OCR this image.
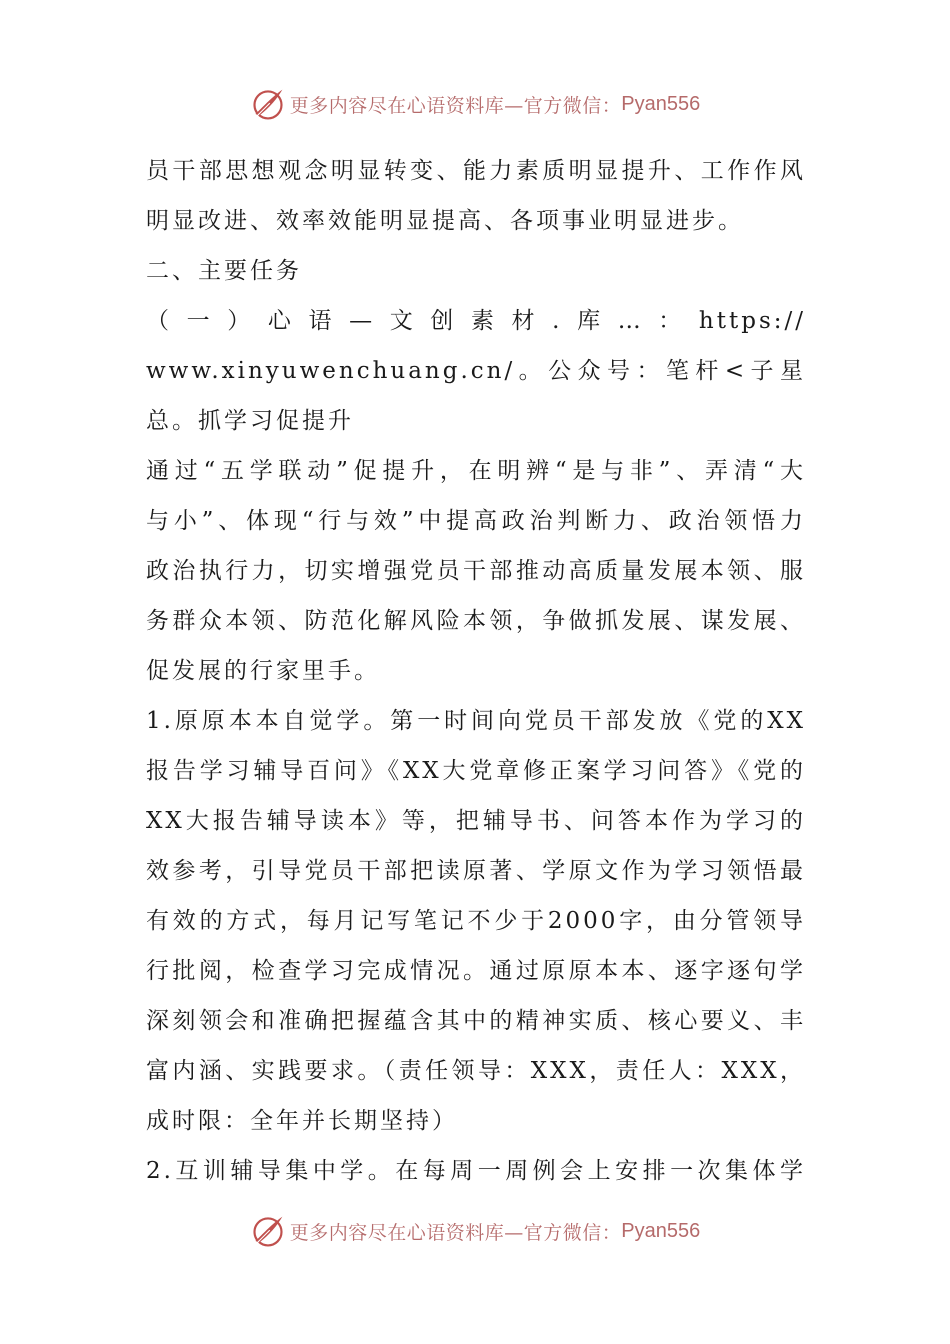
更多内容尽在心语资料库—官方微信： Pyan556
员干部思想观念明显转变、能力素质明显提升、工作作风
明显改进、效率效能明显提高、各项事业明显进步。
二、主要任务
（一）心语—文创素材.库…：https://
www.xinyuwenchuang.cn/。公众号：笔杆<子星
总。抓学习促提升
通过“五学联动”促提升，在明辨“是与非”、弄清“大
与小”、体现“行与效”中提高政治判断力、政治领悟力
政治执行力，切实增强党员干部推动高质量发展本领、服
务群众本领、防范化解风险本领，争做抓发展、谋发展、
促发展的行家里手。
1.原原本本自觉学。第一时间向党员干部发放《党的XX
报告学习辅导百问》《XX大党章修正案学习问答》《党的
XX大报告辅导读本》等，把辅导书、问答本作为学习的
效参考，引导党员干部把读原著、学原文作为学习领悟最
有效的方式，每月记写笔记不少于2000字，由分管领导
行批阅，检查学习完成情况。通过原原本本、逐字逐句学
深刻领会和准确把握蕴含其中的精神实质、核心要义、丰
富内涵、实践要求。（责任领导：XXX，责任人：XXX，
成时限：全年并长期坚持）
2.互训辅导集中学。在每周一周例会上安排一次集体学
更多内容尽在心语资料库—官方微信： Pyan556
